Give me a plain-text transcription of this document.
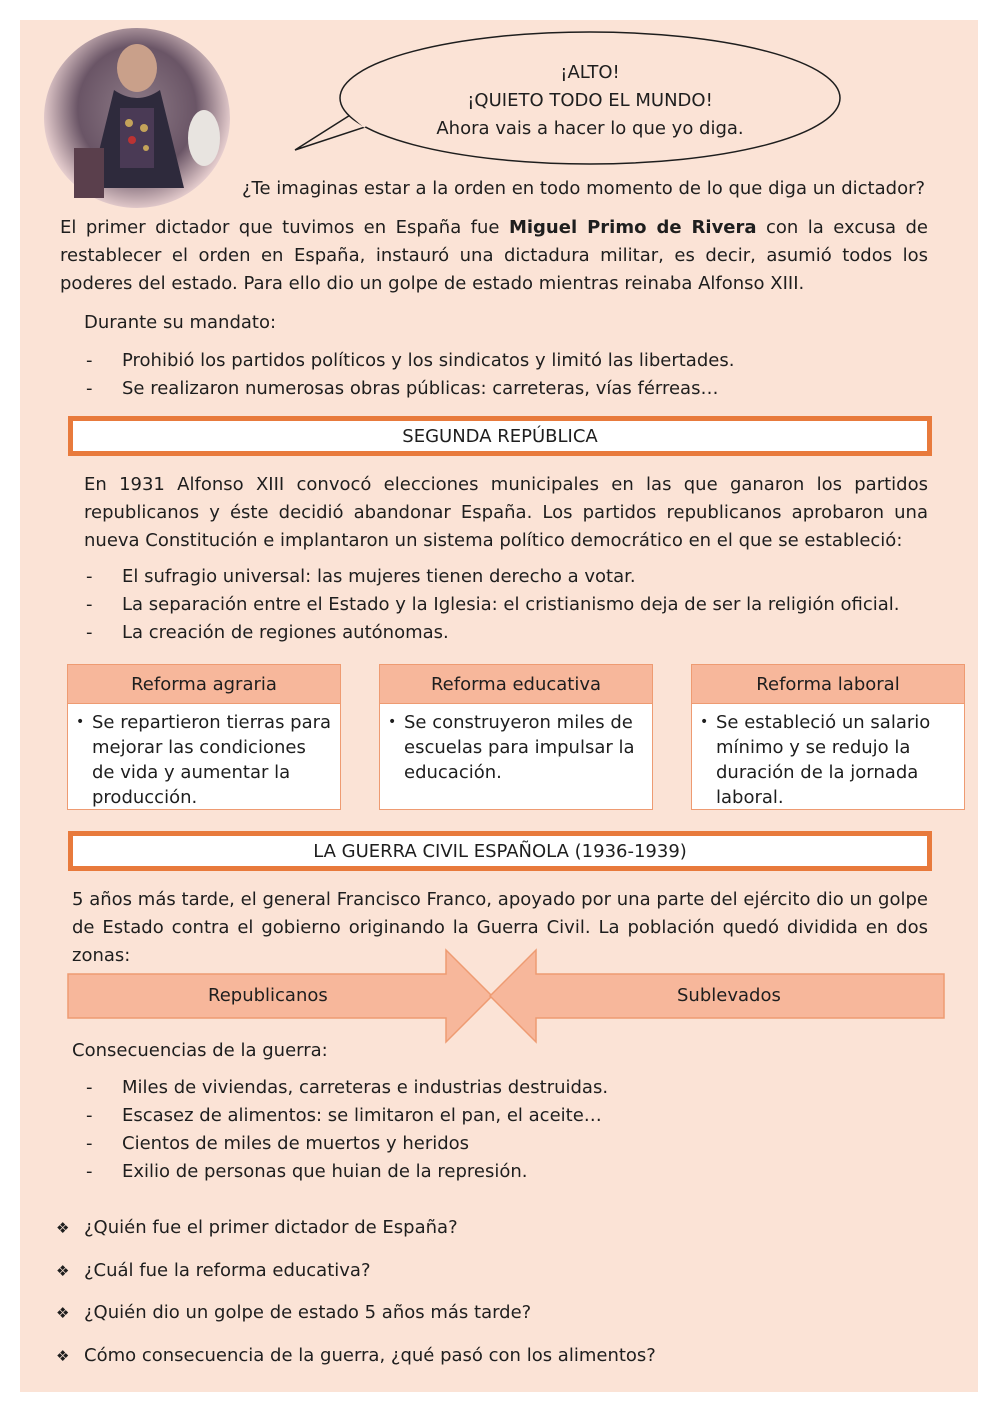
¡ALTO!
¡QUIETO TODO EL MUNDO!
Ahora vais a hacer lo que yo diga.
¿Te imaginas estar a la orden en todo momento de lo que diga un dictador?
El primer dictador que tuvimos en España fue Miguel Primo de Rivera con la excusa de restablecer el orden en España, instauró una dictadura militar, es decir, asumió todos los poderes del estado. Para ello dio un golpe de estado mientras reinaba Alfonso XIII.
Durante su mandato:
- Prohibió los partidos políticos y los sindicatos y limitó las libertades.
- Se realizaron numerosas obras públicas: carreteras, vías férreas…
SEGUNDA REPÚBLICA
En 1931 Alfonso XIII convocó elecciones municipales en las que ganaron los partidos republicanos y éste decidió abandonar España. Los partidos republicanos aprobaron una nueva Constitución e implantaron un sistema político democrático en el que se estableció:
- El sufragio universal: las mujeres tienen derecho a votar.
- La separación entre el Estado y la Iglesia: el cristianismo deja de ser la religión oficial.
- La creación de regiones autónomas.
Reforma agraria
• Se repartieron tierras para mejorar las condiciones de vida y aumentar la producción.
Reforma educativa
• Se construyeron miles de escuelas para impulsar la educación.
Reforma laboral
• Se estableció un salario mínimo y se redujo la duración de la jornada laboral.
LA GUERRA CIVIL ESPAÑOLA (1936-1939)
5 años más tarde, el general Francisco Franco, apoyado por una parte del ejército dio un golpe de Estado contra el gobierno originando la Guerra Civil. La población quedó dividida en dos zonas:
Republicanos	Sublevados
Consecuencias de la guerra:
- Miles de viviendas, carreteras e industrias destruidas.
- Escasez de alimentos: se limitaron el pan, el aceite…
- Cientos de miles de muertos y heridos
- Exilio de personas que huian de la represión.
❖ ¿Quién fue el primer dictador de España?
❖ ¿Cuál fue la reforma educativa?
❖ ¿Quién dio un golpe de estado 5 años más tarde?
❖ Cómo consecuencia de la guerra, ¿qué pasó con los alimentos?
